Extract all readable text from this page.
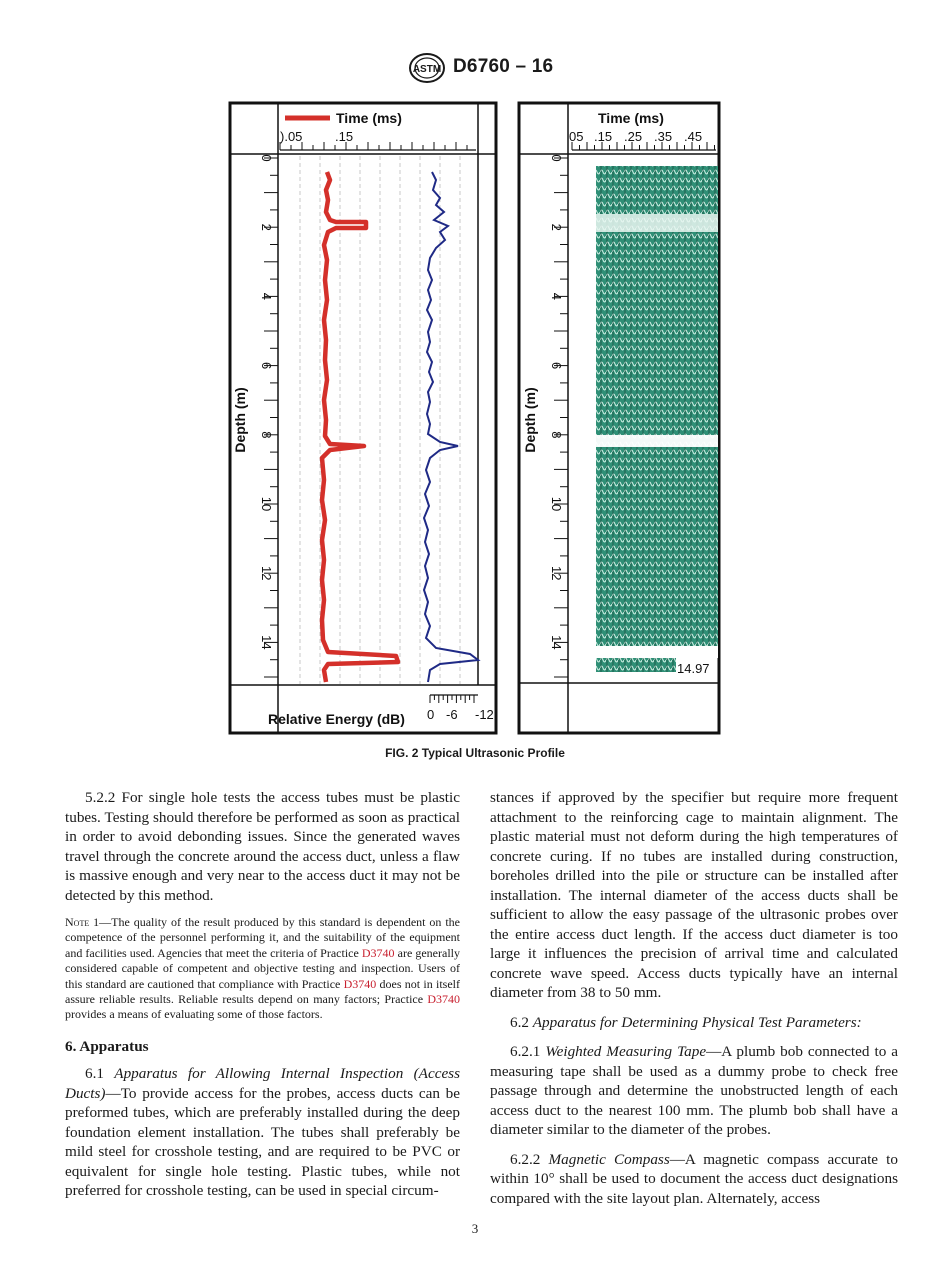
ASTM D6760 – 16
Time (ms)
).05	.15
0
2
4
6
8
10
12
14
Depth (m)
Relative Energy (dB) 0 -6 -12
Time (ms)
05 .15 .25 .35 .45
0
2
4
6
8
10
12
14
Depth (m)
14.97
FIG. 2 Typical Ultrasonic Profile

5.2.2 For single hole tests the access tubes must be plastic tubes. Testing should therefore be performed as soon as practical in order to avoid debonding issues. Since the generated waves travel through the concrete around the access duct, unless a flaw is massive enough and very near to the access duct it may not be detected by this method.

Note 1—The quality of the result produced by this standard is dependent on the competence of the personnel performing it, and the suitability of the equipment and facilities used. Agencies that meet the criteria of Practice D3740 are generally considered capable of competent and objective testing and inspection. Users of this standard are cautioned that compliance with Practice D3740 does not in itself assure reliable results. Reliable results depend on many factors; Practice D3740 provides a means of evaluating some of those factors.

6. Apparatus

6.1 Apparatus for Allowing Internal Inspection (Access Ducts)—To provide access for the probes, access ducts can be preformed tubes, which are preferably installed during the deep foundation element installation. The tubes shall preferably be mild steel for crosshole testing, and are required to be PVC or equivalent for single hole testing. Plastic tubes, while not preferred for crosshole testing, can be used in special circum-

stances if approved by the specifier but require more frequent attachment to the reinforcing cage to maintain alignment. The plastic material must not deform during the high temperatures of concrete curing. If no tubes are installed during construction, boreholes drilled into the pile or structure can be installed after installation. The internal diameter of the access ducts shall be sufficient to allow the easy passage of the ultrasonic probes over the entire access duct length. If the access duct diameter is too large it influences the precision of arrival time and calculated concrete wave speed. Access ducts typically have an internal diameter from 38 to 50 mm.

6.2 Apparatus for Determining Physical Test Parameters:

6.2.1 Weighted Measuring Tape—A plumb bob connected to a measuring tape shall be used as a dummy probe to check free passage through and determine the unobstructed length of each access duct to the nearest 100 mm. The plumb bob shall have a diameter similar to the diameter of the probes.

6.2.2 Magnetic Compass—A magnetic compass accurate to within 10° shall be used to document the access duct designations compared with the site layout plan. Alternately, access

3
